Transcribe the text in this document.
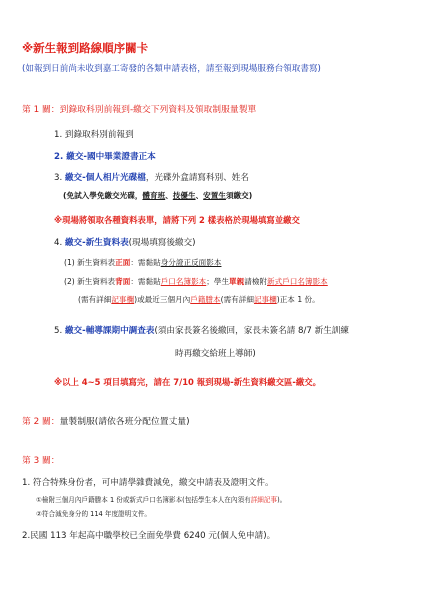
※新生報到路線順序關卡
(如報到日前尚未收到嘉工寄發的各類申請表格，請至報到現場服務台領取書寫)
第 1 關：到錄取科別前報到-繳交下列資料及領取制服量製單
1. 到錄取科別前報到
2. 繳交-國中畢業證書正本
3. 繳交-個人相片光碟檔，光碟外盒請寫科別、姓名
(免試入學免繳交光碟，體育班、技優生、安置生須繳交)
※現場將領取各種資料表單，請將下列 2 樣表格於現場填寫並繳交
4. 繳交-新生資料表(現場填寫後繳交)
(1) 新生資料表正面：需黏貼身分證正反面影本
(2) 新生資料表背面：需黏貼戶口名簿影本；學生單親請檢附新式戶口名簿影本
(需有詳細記事欄)或最近三個月內戶籍謄本(需有詳細記事欄)正本 1 份。
5. 繳交-輔導課期中調查表(須由家長簽名後繳回，家長未簽名請 8/7 新生訓練
時再繳交給班上導師)
※以上 4~5 項目填寫完，請在 7/10 報到現場-新生資料繳交區-繳交。
第 2 關：量製制服(請依各班分配位置丈量)
第 3 關：
1. 符合特殊身份者，可申請學雜費減免，繳交申請表及證明文件。
①檢附三個月內戶籍謄本 1 份或新式戶口名簿影本(包括學生本人在內須有詳細記事)。
②符合減免身分的 114 年度證明文件。
2.民國 113 年起高中職學校已全面免學費 6240 元(個人免申請)。
